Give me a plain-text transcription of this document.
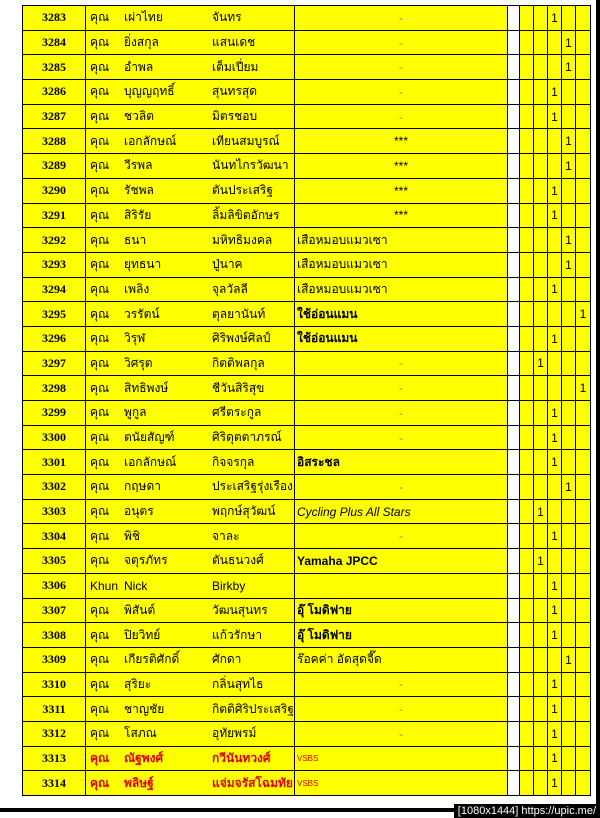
3283	คุณ เผ่าไทย จันทร	-				1		
3284	คุณ ยิ่งสกุล แสนเดช	-					1	
3285	คุณ อำพล เต็มเปี่ยม	-					1	
3286	คุณ บุญญฤทธิ์ สุนทรสุด	-				1		
3287	คุณ ชวลิต มิตรชอบ	-				1		
3288	คุณ เอกลักษณ์ เทียนสมบูรณ์	***					1	
3289	คุณ วีรพล นันทไกรวัฒนา	***					1	
3290	คุณ รัชพล ตันประเสริฐ	***				1		
3291	คุณ สิริรัย ลิ้มลิขิตอักษร	***				1		
3292	คุณ ธนา มหิทธิมงคล	เสือหมอบแมวเซา					1	
3293	คุณ ยุทธนา ปู่นาค	เสือหมอบแมวเซา					1	
3294	คุณ เพลิง จุลวัลลี	เสือหมอบแมวเซา				1		
3295	คุณ วรรัตน์ ตุลยานันท์	ใช้อ่อนแมน						1
3296	คุณ วิรุฬ ศิริพงษ์ศิลป์	ใช้อ่อนแมน				1		
3297	คุณ วิศรุต กิตติพลกุล	-			1			
3298	คุณ สิทธิพงษ์ ชีวันสิริสุข	-						1
3299	คุณ พูกูล ศรีตระกูล	-				1		
3300	คุณ ตนัยสัญฑ์ ศิริดุตตาภรณ์	-				1		
3301	คุณ เอกลักษณ์ กิจจรกุล	อิสระชล				1		
3302	คุณ กฤษดา ประเสริฐรุ่งเรือง	-					1	
3303	คุณ อนุตร พฤกษ์สุวัฒน์	Cycling Plus All Stars			1			
3304	คุณ พิชิ จาละ	-				1		
3305	คุณ จตุรภัทร ตันธนวงศ์	Yamaha JPCC			1			
3306	Khun Nick Birkby					1		
3307	คุณ พิสันต์ วัฒนสุนทร	อุ๊ โมดิฟาย				1		
3308	คุณ ปิยวิทย์ แก้วรักษา	อุ๊ โมดิฟาย				1		
3309	คุณ เกียรติศักดิ์ ศักดา	ร๊อคค่า อัดสุดจี๊ด					1	
3310	คุณ สุริยะ กลิ่นสุทไธ	-				1		
3311	คุณ ชาญชัย กิตติศิริประเสริฐ	-				1		
3312	คุณ โสภณ อุทัยพรม์	-				1		
3313	คุณ ณัฐพงศ์ กวีนันทวงศ์	VSBS				1		
3314	คุณ พลิษฐ์ แจ่มจรัสโฉมทัย	VSBS				1		
[1080x1444] https://upic.me/
